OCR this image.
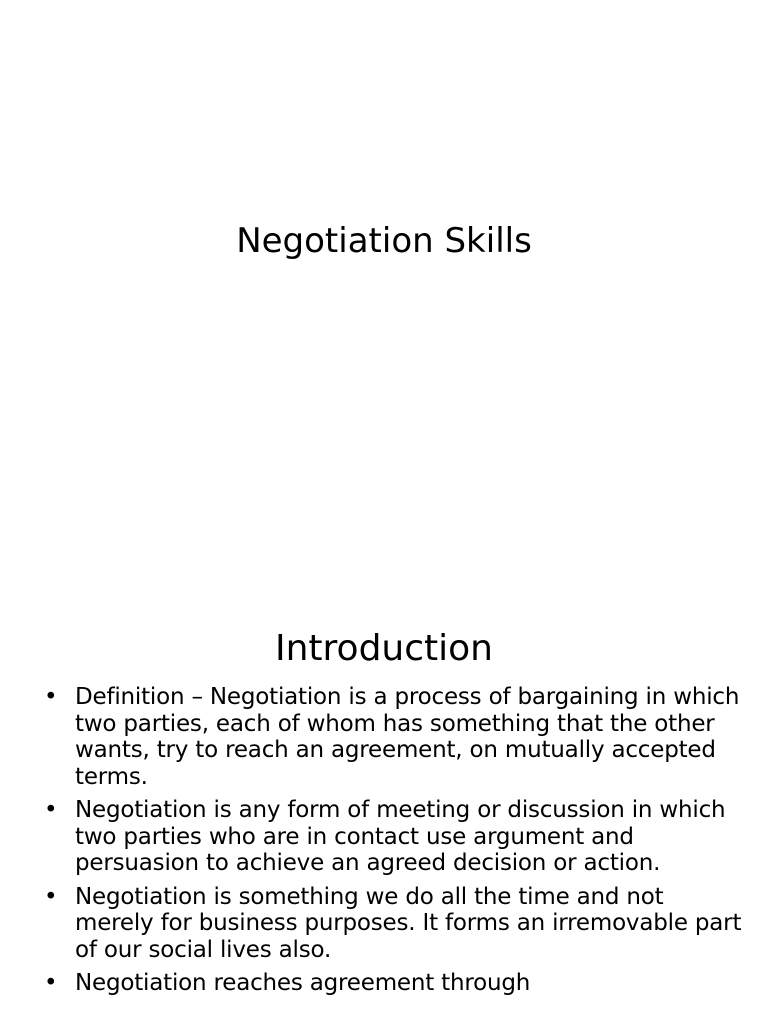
Negotiation Skills
Introduction
• Definition – Negotiation is a process of bargaining in which two parties, each of whom has something that the other wants, try to reach an agreement, on mutually accepted terms.
• Negotiation is any form of meeting or discussion in which two parties who are in contact use argument and persuasion to achieve an agreed decision or action.
• Negotiation is something we do all the time and not merely for business purposes. It forms an irremovable part of our social lives also.
• Negotiation reaches agreement through
